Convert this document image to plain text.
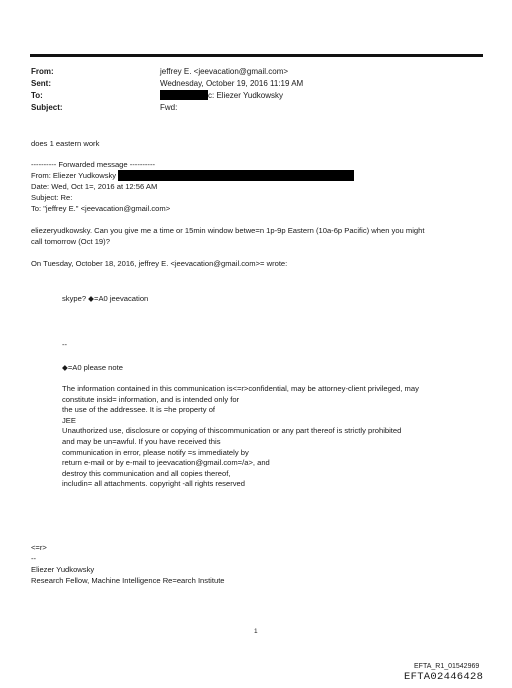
From:	jeffrey E. <jeevacation@gmail.com>
Sent:	Wednesday, October 19, 2016 11:19 AM
To:	c: Eliezer Yudkowsky
Subject:	Fwd:
does 1 eastern work
---------- Forwarded message ----------
From: Eliezer Yudkowsky
Date: Wed, Oct 1=, 2016 at 12:56 AM
Subject: Re:
To: "jeffrey E." <jeevacation@gmail.com>
eliezeryudkowsky. Can you give me a time or 15min window betwe=n 1p-9p Eastern (10a-6p Pacific) when you might
call tomorrow (Oct 19)?
On Tuesday, October 18, 2016, jeffrey E. <jeevacation@gmail.com>= wrote:
skype? ◆=A0 jeevacation
--
◆=A0 please note
The information contained in this communication is<=r>confidential, may be attorney-client privileged, may
constitute insid= information, and is intended only for
the use of the addressee. It is =he property of
JEE
Unauthorized use, disclosure or copying of thiscommunication or any part thereof is strictly prohibited
and may be un=awful. If you have received this
communication in error, please notify =s immediately by
return e-mail or by e-mail to jeevacation@gmail.com=/a>, and
destroy this communication and all copies thereof,
includin= all attachments. copyright -all rights reserved
<=r>
--
Eliezer Yudkowsky
Research Fellow, Machine Intelligence Re=earch Institute
1
EFTA_R1_01542969
EFTA02446428
